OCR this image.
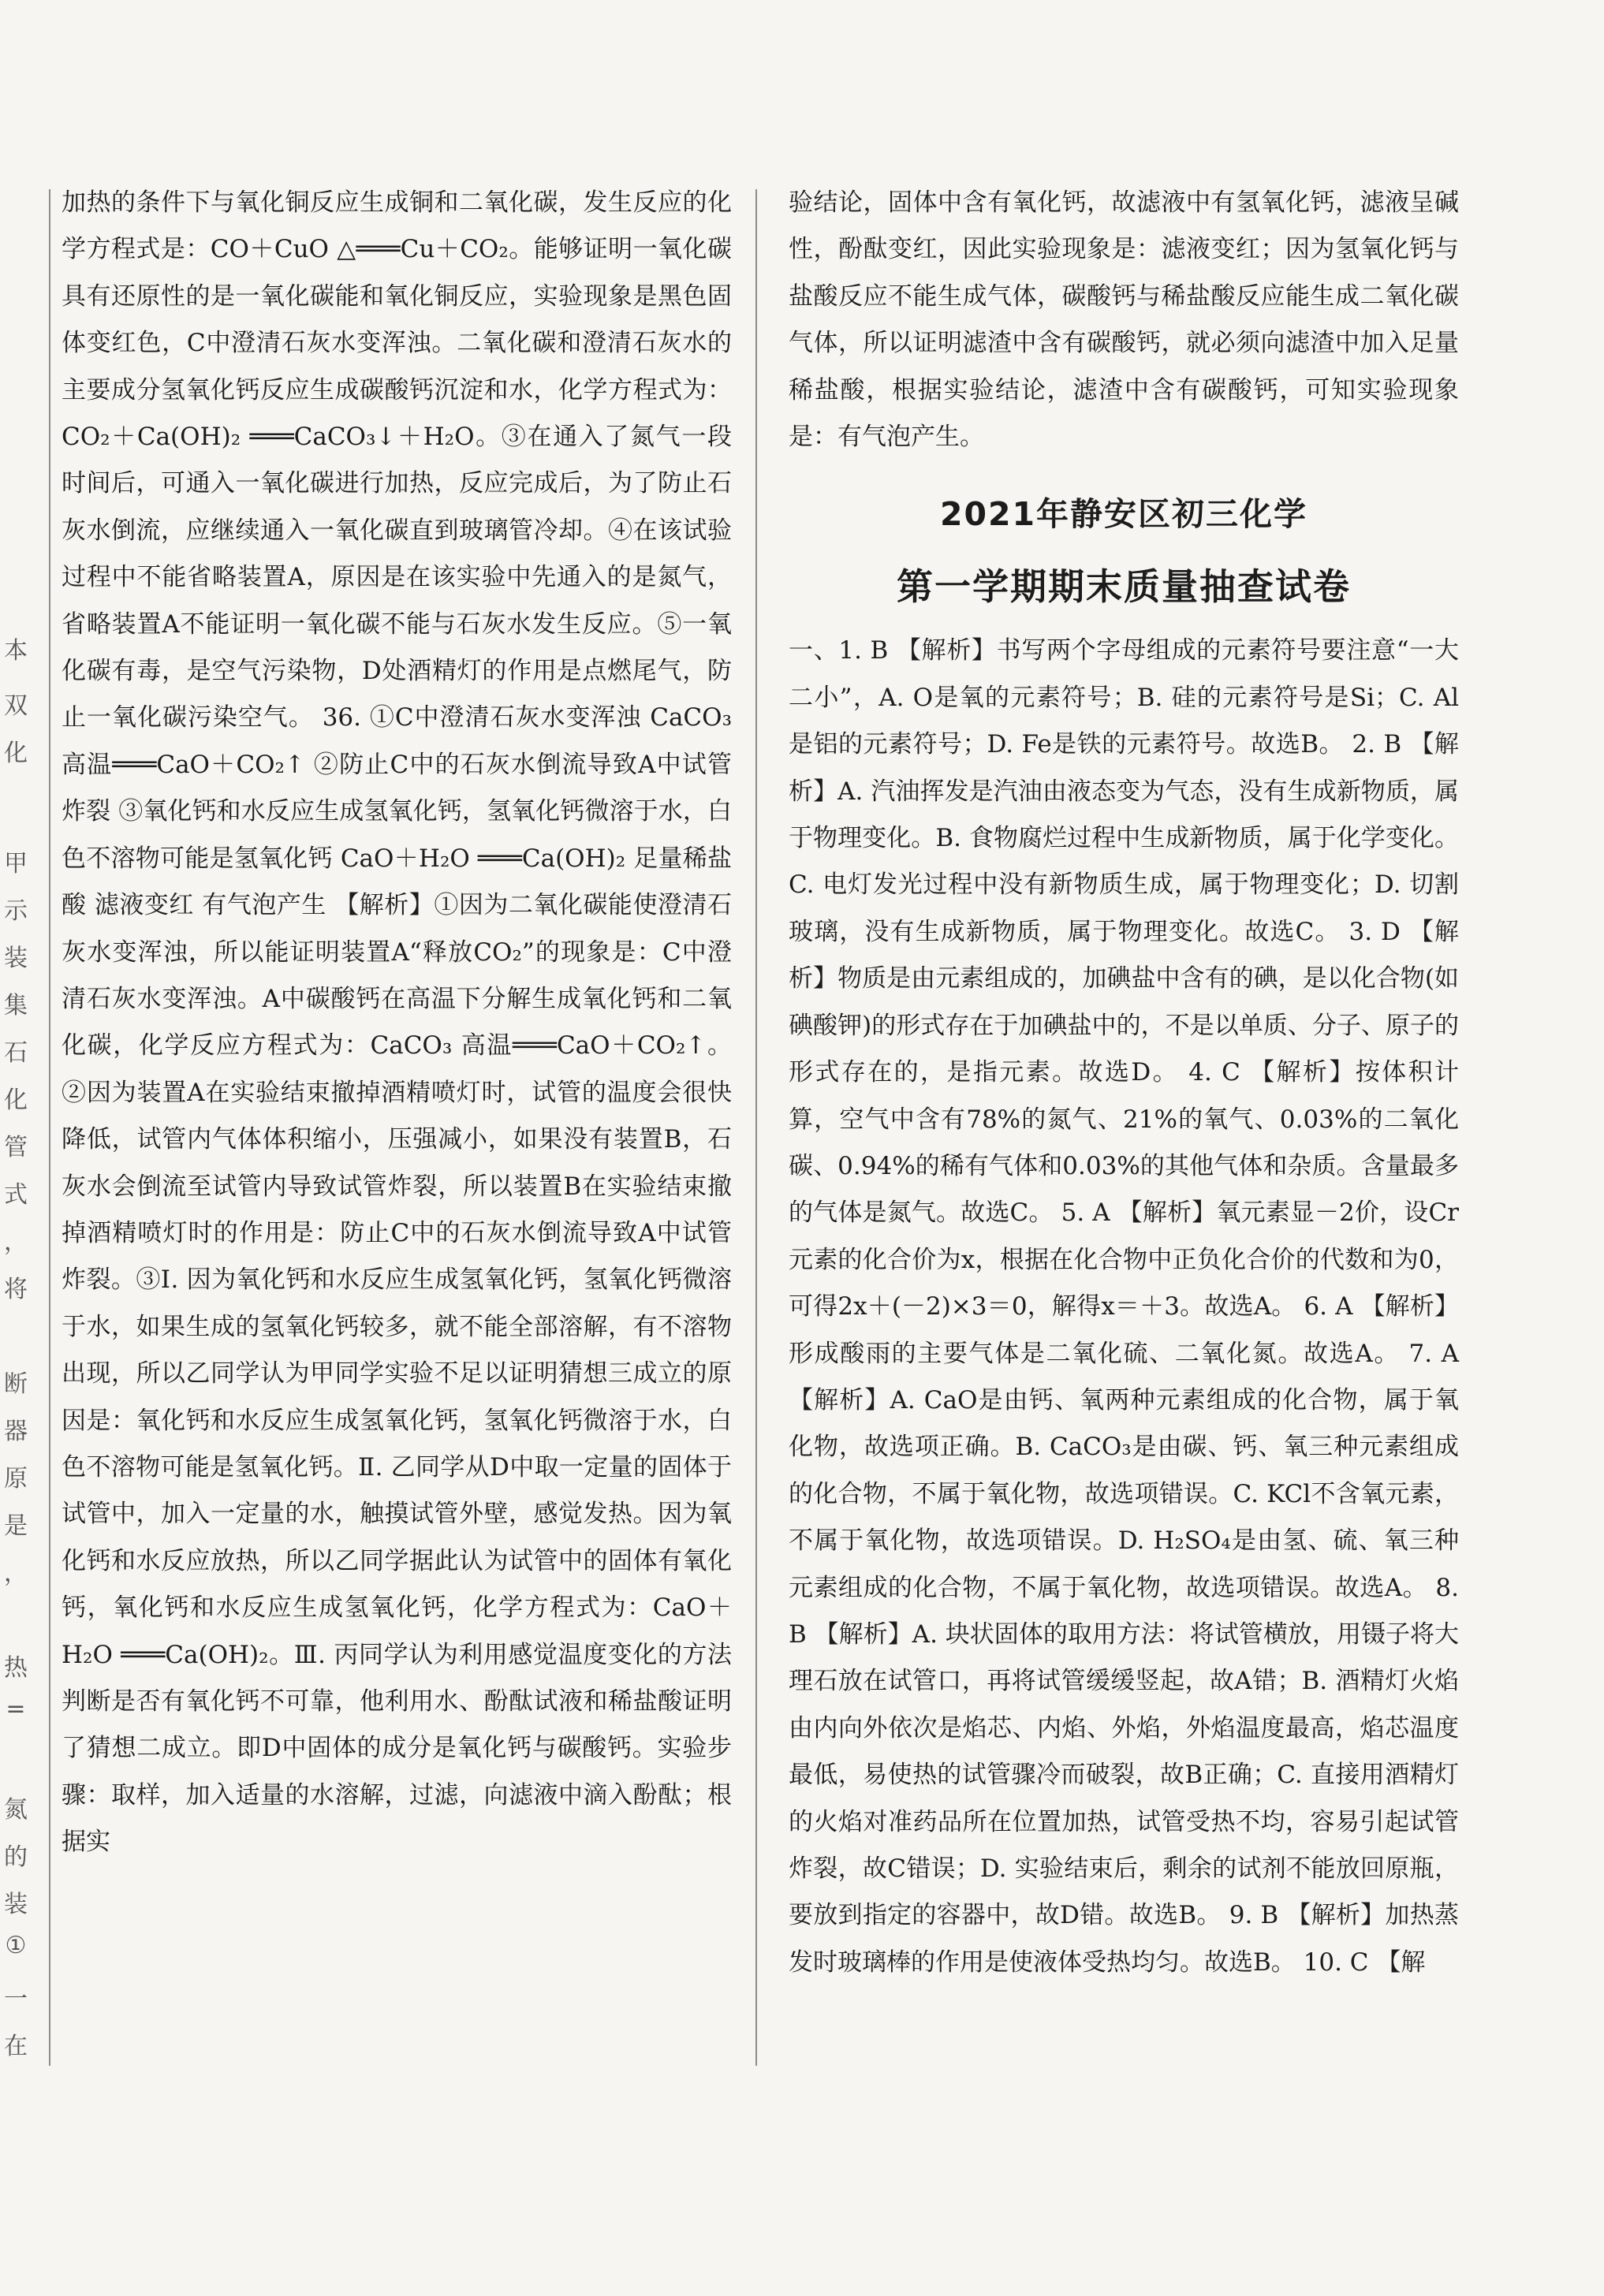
本
双
化
甲
示
装
集
石
化
管
式
，
将
断
器
原
是
，
热
=
氮
的
装
①
一
在

加热的条件下与氧化铜反应生成铜和二氧化碳，发生反应的化学方程式是：CO＋CuO △═══Cu＋CO₂。能够证明一氧化碳具有还原性的是一氧化碳能和氧化铜反应，实验现象是黑色固体变红色，C中澄清石灰水变浑浊。二氧化碳和澄清石灰水的主要成分氢氧化钙反应生成碳酸钙沉淀和水，化学方程式为：CO₂＋Ca(OH)₂ ═══CaCO₃↓＋H₂O。③在通入了氮气一段时间后，可通入一氧化碳进行加热，反应完成后，为了防止石灰水倒流，应继续通入一氧化碳直到玻璃管冷却。④在该试验过程中不能省略装置A，原因是在该实验中先通入的是氮气，省略装置A不能证明一氧化碳不能与石灰水发生反应。⑤一氧化碳有毒，是空气污染物，D处酒精灯的作用是点燃尾气，防止一氧化碳污染空气。 36. ①C中澄清石灰水变浑浊 CaCO₃ 高温═══CaO＋CO₂↑ ②防止C中的石灰水倒流导致A中试管炸裂 ③氧化钙和水反应生成氢氧化钙，氢氧化钙微溶于水，白色不溶物可能是氢氧化钙 CaO＋H₂O ═══Ca(OH)₂ 足量稀盐酸 滤液变红 有气泡产生 【解析】①因为二氧化碳能使澄清石灰水变浑浊，所以能证明装置A“释放CO₂”的现象是：C中澄清石灰水变浑浊。A中碳酸钙在高温下分解生成氧化钙和二氧化碳，化学反应方程式为：CaCO₃ 高温═══CaO＋CO₂↑。②因为装置A在实验结束撤掉酒精喷灯时，试管的温度会很快降低，试管内气体体积缩小，压强减小，如果没有装置B，石灰水会倒流至试管内导致试管炸裂，所以装置B在实验结束撤掉酒精喷灯时的作用是：防止C中的石灰水倒流导致A中试管炸裂。③Ⅰ. 因为氧化钙和水反应生成氢氧化钙，氢氧化钙微溶于水，如果生成的氢氧化钙较多，就不能全部溶解，有不溶物出现，所以乙同学认为甲同学实验不足以证明猜想三成立的原因是：氧化钙和水反应生成氢氧化钙，氢氧化钙微溶于水，白色不溶物可能是氢氧化钙。Ⅱ. 乙同学从D中取一定量的固体于试管中，加入一定量的水，触摸试管外壁，感觉发热。因为氧化钙和水反应放热，所以乙同学据此认为试管中的固体有氧化钙，氧化钙和水反应生成氢氧化钙，化学方程式为：CaO＋H₂O ═══Ca(OH)₂。Ⅲ. 丙同学认为利用感觉温度变化的方法判断是否有氧化钙不可靠，他利用水、酚酞试液和稀盐酸证明了猜想二成立。即D中固体的成分是氧化钙与碳酸钙。实验步骤：取样，加入适量的水溶解，过滤，向滤液中滴入酚酞；根据实

验结论，固体中含有氧化钙，故滤液中有氢氧化钙，滤液呈碱性，酚酞变红，因此实验现象是：滤液变红；因为氢氧化钙与盐酸反应不能生成气体，碳酸钙与稀盐酸反应能生成二氧化碳气体，所以证明滤渣中含有碳酸钙，就必须向滤渣中加入足量稀盐酸，根据实验结论，滤渣中含有碳酸钙，可知实验现象是：有气泡产生。

2021年静安区初三化学
第一学期期末质量抽查试卷

一、1. B 【解析】书写两个字母组成的元素符号要注意“一大二小”，A. O是氧的元素符号；B. 硅的元素符号是Si；C. Al是铝的元素符号；D. Fe是铁的元素符号。故选B。 2. B 【解析】A. 汽油挥发是汽油由液态变为气态，没有生成新物质，属于物理变化。B. 食物腐烂过程中生成新物质，属于化学变化。C. 电灯发光过程中没有新物质生成，属于物理变化；D. 切割玻璃，没有生成新物质，属于物理变化。故选C。 3. D 【解析】物质是由元素组成的，加碘盐中含有的碘，是以化合物(如碘酸钾)的形式存在于加碘盐中的，不是以单质、分子、原子的形式存在的，是指元素。故选D。 4. C 【解析】按体积计算，空气中含有78%的氮气、21%的氧气、0.03%的二氧化碳、0.94%的稀有气体和0.03%的其他气体和杂质。含量最多的气体是氮气。故选C。 5. A 【解析】氧元素显－2价，设Cr元素的化合价为x，根据在化合物中正负化合价的代数和为0，可得2x＋(－2)×3＝0，解得x＝＋3。故选A。 6. A 【解析】形成酸雨的主要气体是二氧化硫、二氧化氮。故选A。 7. A 【解析】A. CaO是由钙、氧两种元素组成的化合物，属于氧化物，故选项正确。B. CaCO₃是由碳、钙、氧三种元素组成的化合物，不属于氧化物，故选项错误。C. KCl不含氧元素，不属于氧化物，故选项错误。D. H₂SO₄是由氢、硫、氧三种元素组成的化合物，不属于氧化物，故选项错误。故选A。 8. B 【解析】A. 块状固体的取用方法：将试管横放，用镊子将大理石放在试管口，再将试管缓缓竖起，故A错；B. 酒精灯火焰由内向外依次是焰芯、内焰、外焰，外焰温度最高，焰芯温度最低，易使热的试管骤冷而破裂，故B正确；C. 直接用酒精灯的火焰对准药品所在位置加热，试管受热不均，容易引起试管炸裂，故C错误；D. 实验结束后，剩余的试剂不能放回原瓶，要放到指定的容器中，故D错。故选B。 9. B 【解析】加热蒸发时玻璃棒的作用是使液体受热均匀。故选B。 10. C 【解
